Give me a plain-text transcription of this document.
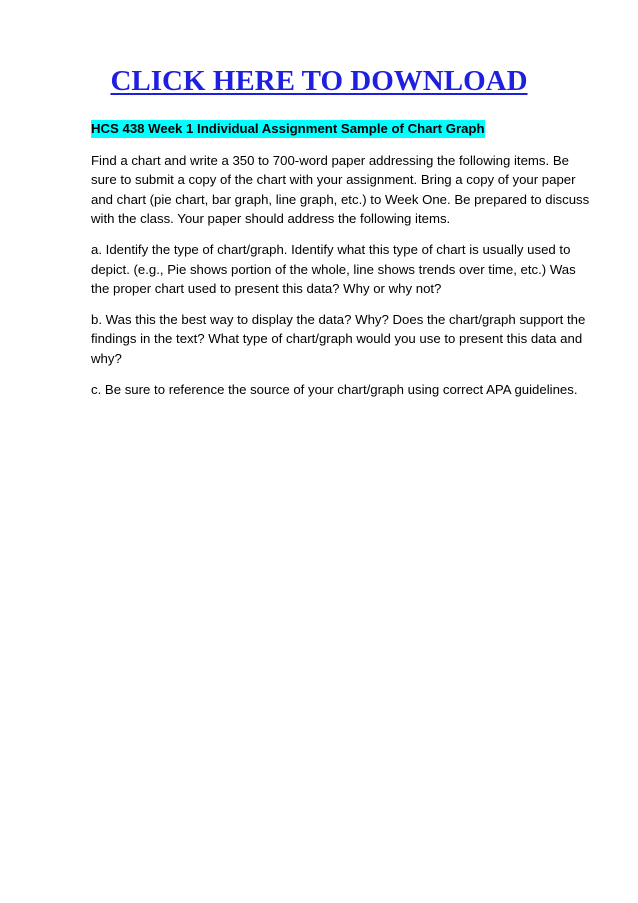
CLICK HERE TO DOWNLOAD
HCS 438 Week 1 Individual Assignment Sample of Chart Graph

Find a chart and write a 350 to 700-word paper addressing the following items. Be sure to submit a copy of the chart with your assignment. Bring a copy of your paper and chart (pie chart, bar graph, line graph, etc.) to Week One. Be prepared to discuss with the class. Your paper should address the following items.

a. Identify the type of chart/graph. Identify what this type of chart is usually used to depict. (e.g., Pie shows portion of the whole, line shows trends over time, etc.) Was the proper chart used to present this data? Why or why not?

b. Was this the best way to display the data? Why? Does the chart/graph support the findings in the text? What type of chart/graph would you use to present this data and why?

c. Be sure to reference the source of your chart/graph using correct APA guidelines.
